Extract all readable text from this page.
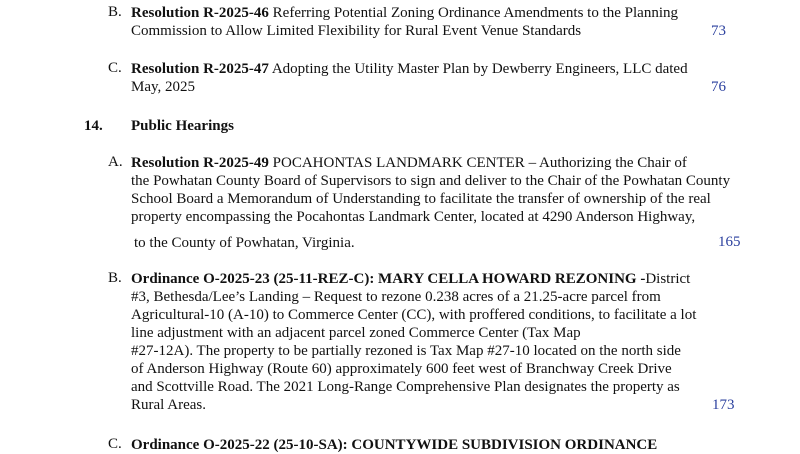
B. Resolution R-2025-46 Referring Potential Zoning Ordinance Amendments to the Planning
Commission to Allow Limited Flexibility for Rural Event Venue Standards	73
C. Resolution R-2025-47 Adopting the Utility Master Plan by Dewberry Engineers, LLC dated
May, 2025	76
14. Public Hearings
A. Resolution R-2025-49 POCAHONTAS LANDMARK CENTER – Authorizing the Chair of
the Powhatan County Board of Supervisors to sign and deliver to the Chair of the Powhatan County
School Board a Memorandum of Understanding to facilitate the transfer of ownership of the real
property encompassing the Pocahontas Landmark Center, located at 4290 Anderson Highway,
to the County of Powhatan, Virginia.	165
B. Ordinance O-2025-23 (25-11-REZ-C): MARY CELLA HOWARD REZONING -District
#3, Bethesda/Lee’s Landing – Request to rezone 0.238 acres of a 21.25-acre parcel from
Agricultural-10 (A-10) to Commerce Center (CC), with proffered conditions, to facilitate a lot
line adjustment with an adjacent parcel zoned Commerce Center (Tax Map
#27-12A). The property to be partially rezoned is Tax Map #27-10 located on the north side
of Anderson Highway (Route 60) approximately 600 feet west of Branchway Creek Drive
and Scottville Road. The 2021 Long-Range Comprehensive Plan designates the property as
Rural Areas.	173
C. Ordinance O-2025-22 (25-10-SA): COUNTYWIDE SUBDIVISION ORDINANCE
